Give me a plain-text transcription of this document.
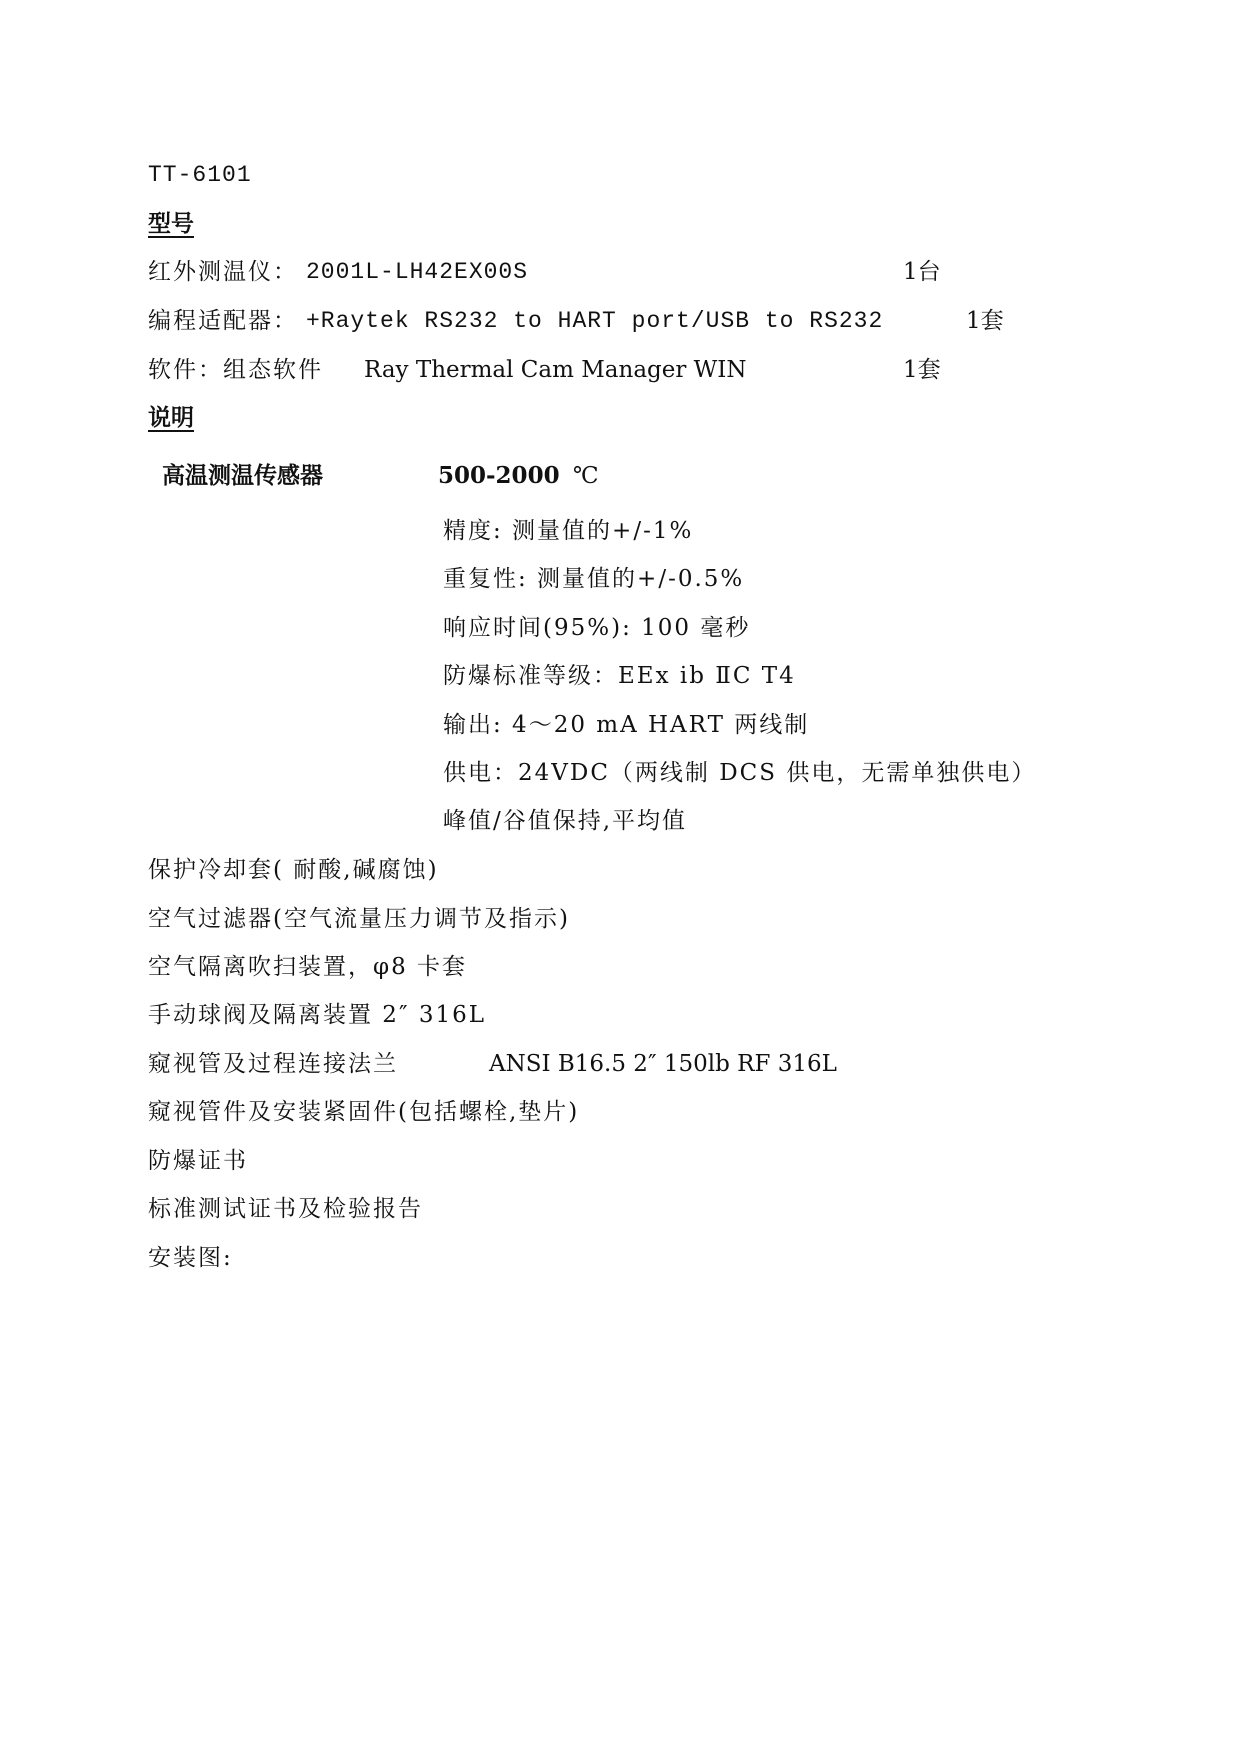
TT-6101
型号
红外测温仪： 2001L-LH42EX00S	1台
编程适配器： +Raytek RS232 to HART port/USB to RS232	1套
软件：组态软件 Ray Thermal Cam Manager WIN	1套
说明
高温测温传感器	500-2000 ℃
精度: 测量值的+/-1%
重复性: 测量值的+/-0.5%
响应时间(95%): 100 毫秒
防爆标准等级：EEx ib ⅡC T4
输出: 4～20 mA HART 两线制
供电：24VDC（两线制 DCS 供电，无需单独供电）
峰值/谷值保持,平均值
保护冷却套( 耐酸,碱腐蚀)
空气过滤器(空气流量压力调节及指示)
空气隔离吹扫装置，φ8 卡套
手动球阀及隔离装置 2″ 316L
窥视管及过程连接法兰	ANSI B16.5 2″ 150lb RF 316L
窥视管件及安装紧固件(包括螺栓,垫片)
防爆证书
标准测试证书及检验报告
安装图:
